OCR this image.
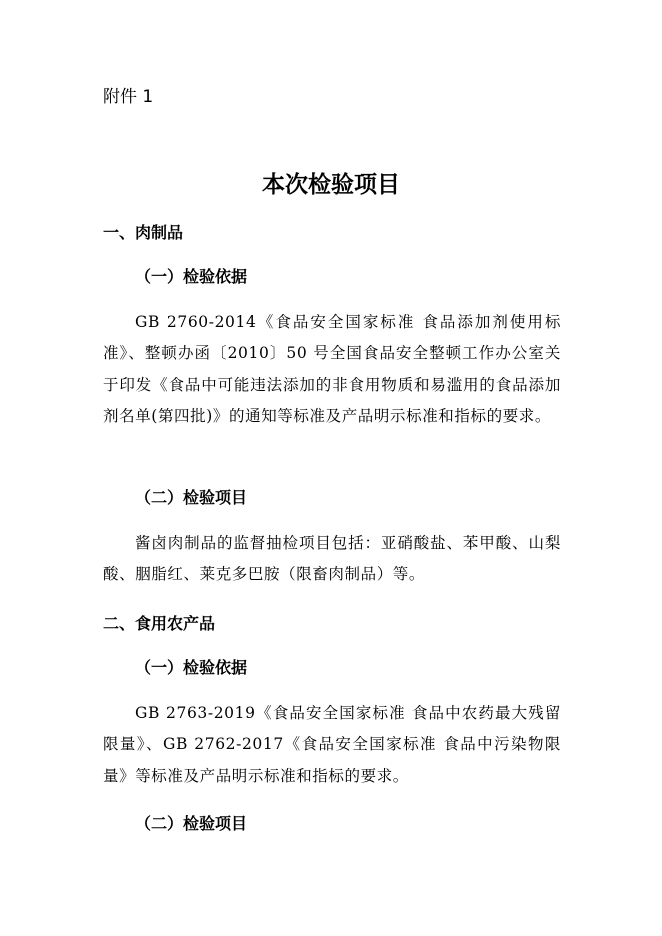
附件 1

本次检验项目
一、肉制品
（一）检验依据

GB 2760-2014《食品安全国家标准 食品添加剂使用标准》、整顿办函〔2010〕50 号全国食品安全整顿工作办公室关于印发《食品中可能违法添加的非食用物质和易滥用的食品添加剂名单(第四批)》的通知等标准及产品明示标准和指标的要求。

（二）检验项目

酱卤肉制品的监督抽检项目包括：亚硝酸盐、苯甲酸、山梨酸、胭脂红、莱克多巴胺（限畜肉制品）等。

二、食用农产品
（一）检验依据

GB 2763-2019《食品安全国家标准 食品中农药最大残留限量》、GB 2762-2017《食品安全国家标准 食品中污染物限量》等标准及产品明示标准和指标的要求。

（二）检验项目
